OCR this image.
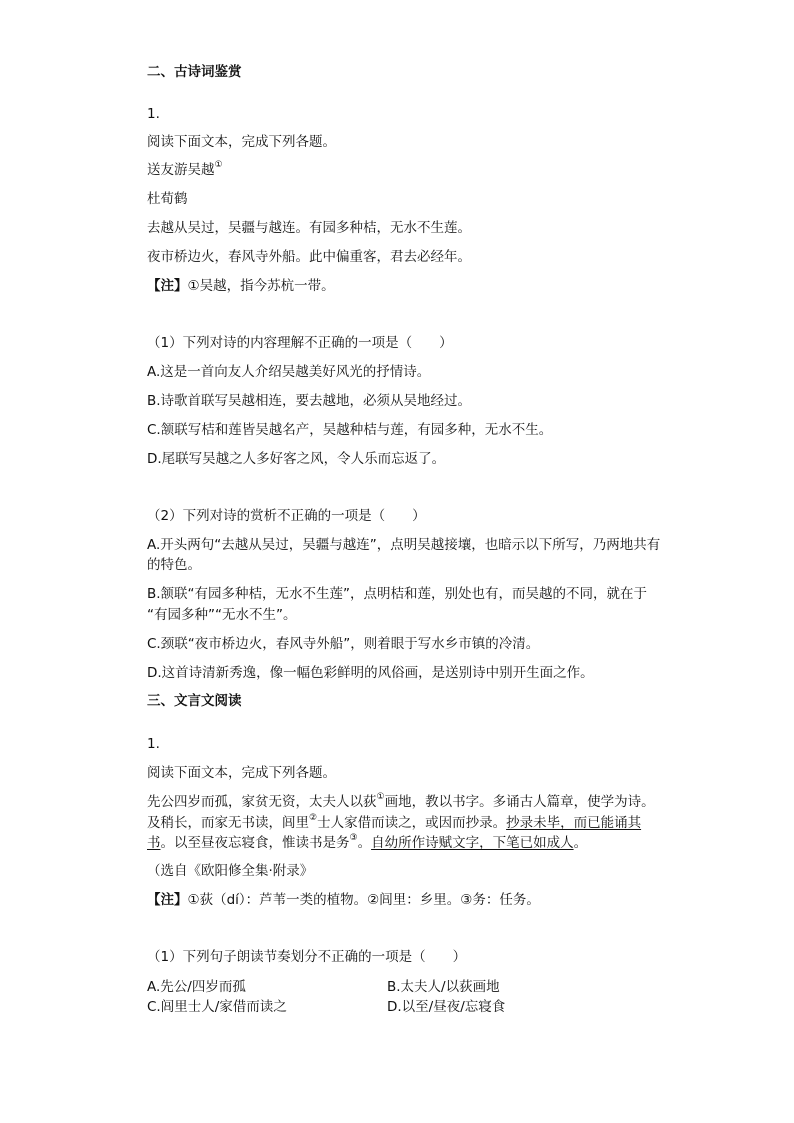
二、古诗词鉴赏
1.
阅读下面文本，完成下列各题。
送友游吴越①
杜荀鹤
去越从吴过，吴疆与越连。有园多种桔，无水不生莲。
夜市桥边火，春风寺外船。此中偏重客，君去必经年。
【注】①吴越，指今苏杭一带。
（1）下列对诗的内容理解不正确的一项是（　　）
A.这是一首向友人介绍吴越美好风光的抒情诗。
B.诗歌首联写吴越相连，要去越地，必须从吴地经过。
C.颔联写桔和莲皆吴越名产，吴越种桔与莲，有园多种，无水不生。
D.尾联写吴越之人多好客之风，令人乐而忘返了。
（2）下列对诗的赏析不正确的一项是（　　）
A.开头两句“去越从吴过，吴疆与越连”，点明吴越接壤，也暗示以下所写，乃两地共有
的特色。
B.颔联“有园多种桔，无水不生莲”，点明桔和莲，别处也有，而吴越的不同，就在于
“有园多种”“无水不生”。
C.颈联“夜市桥边火，春风寺外船”，则着眼于写水乡市镇的冷清。
D.这首诗清新秀逸，像一幅色彩鲜明的风俗画，是送别诗中别开生面之作。
三、文言文阅读
1.
阅读下面文本，完成下列各题。
先公四岁而孤，家贫无资，太夫人以荻①画地，教以书字。多诵古人篇章，使学为诗。
及稍长，而家无书读，闾里②士人家借而读之，或因而抄录。抄录未毕，而已能诵其
书。以至昼夜忘寝食，惟读书是务③。自幼所作诗赋文字，下笔已如成人。
（选自《欧阳修全集·附录》
【注】①荻（dí）：芦苇一类的植物。②闾里：乡里。③务：任务。
（1）下列句子朗读节奏划分不正确的一项是（　　）
A.先公/四岁而孤	B.太夫人/以荻画地
C.闾里士人/家借而读之	D.以至/昼夜/忘寝食
